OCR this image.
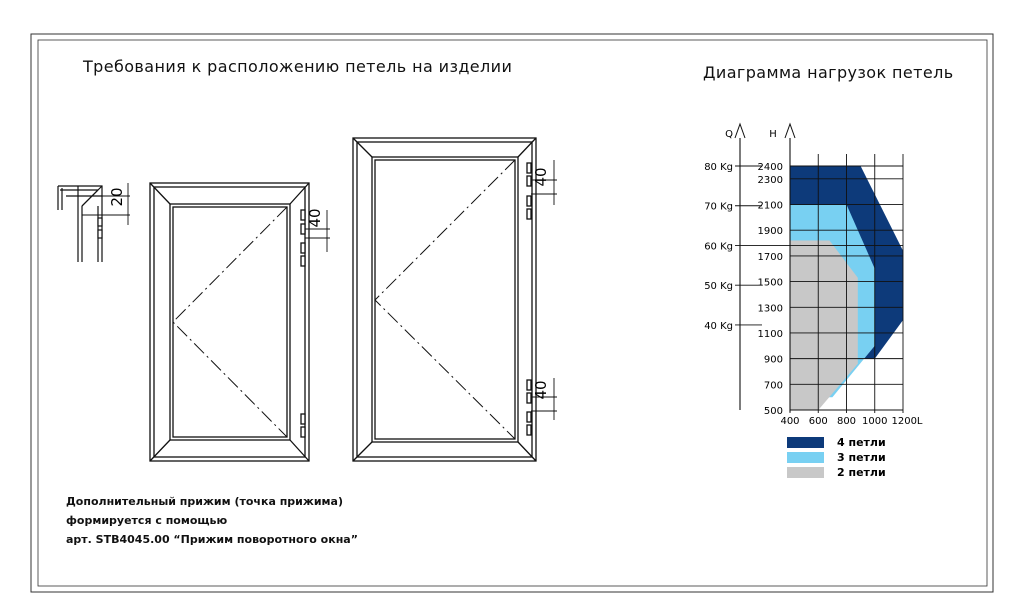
20
40
40
40
500
700
900
1100
1300
1500
1700
1900
2100
2300
2400
400 600 800 1000 1200L
H
Q
40 Kg
50 Kg
60 Kg
70 Kg
80 Kg
4 петли
3 петли
2 петли
Требования к расположению петель на изделии	Диаграмма нагрузок петель
Дополнительный прижим (точка прижима)
формируется с помощью
арт. STB4045.00 “Прижим поворотного окна”
